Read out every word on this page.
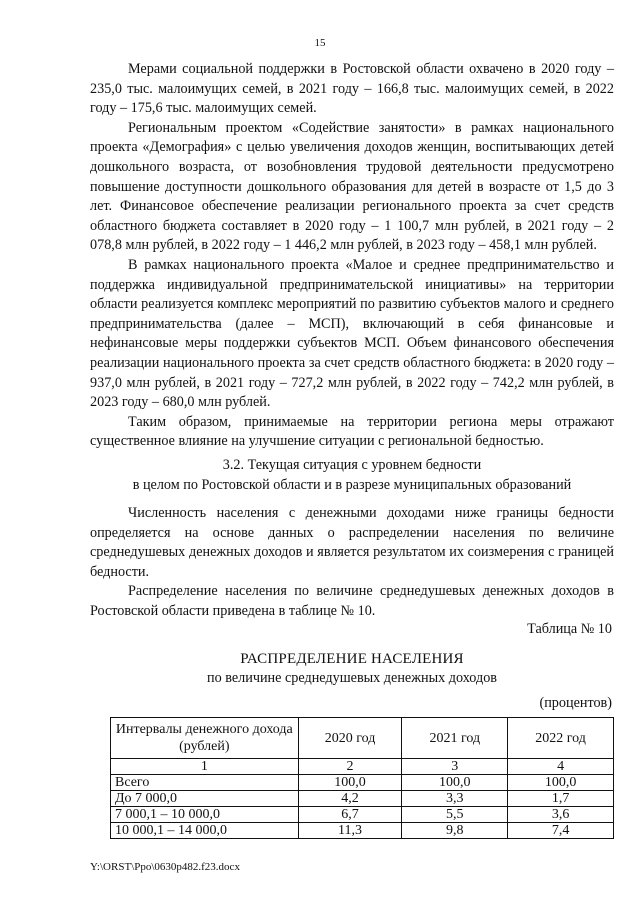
15

Мерами социальной поддержки в Ростовской области охвачено в 2020 году – 235,0 тыс. малоимущих семей, в 2021 году – 166,8 тыс. малоимущих семей, в 2022 году – 175,6 тыс. малоимущих семей.

Региональным проектом «Содействие занятости» в рамках национального проекта «Демография» с целью увеличения доходов женщин, воспитывающих детей дошкольного возраста, от возобновления трудовой деятельности предусмотрено повышение доступности дошкольного образования для детей в возрасте от 1,5 до 3 лет. Финансовое обеспечение реализации регионального проекта за счет средств областного бюджета составляет в 2020 году – 1 100,7 млн рублей, в 2021 году – 2 078,8 млн рублей, в 2022 году – 1 446,2 млн рублей, в 2023 году – 458,1 млн рублей.

В рамках национального проекта «Малое и среднее предпринимательство и поддержка индивидуальной предпринимательской инициативы» на территории области реализуется комплекс мероприятий по развитию субъектов малого и среднего предпринимательства (далее – МСП), включающий в себя финансовые и нефинансовые меры поддержки субъектов МСП. Объем финансового обеспечения реализации национального проекта за счет средств областного бюджета: в 2020 году – 937,0 млн рублей, в 2021 году – 727,2 млн рублей, в 2022 году – 742,2 млн рублей, в 2023 году – 680,0 млн рублей.

Таким образом, принимаемые на территории региона меры отражают существенное влияние на улучшение ситуации с региональной бедностью.

3.2. Текущая ситуация с уровнем бедности
в целом по Ростовской области и в разрезе муниципальных образований

Численность населения с денежными доходами ниже границы бедности определяется на основе данных о распределении населения по величине среднедушевых денежных доходов и является результатом их соизмерения с границей бедности.

Распределение населения по величине среднедушевых денежных доходов в Ростовской области приведена в таблице № 10.

Таблица № 10
РАСПРЕДЕЛЕНИЕ НАСЕЛЕНИЯ
по величине среднедушевых денежных доходов
(процентов)
Интервалы денежного дохода (рублей)	2020 год	2021 год	2022 год
1	2	3	4
Всего	100,0	100,0	100,0
До 7 000,0	4,2	3,3	1,7
7 000,1 – 10 000,0	6,7	5,5	3,6
10 000,1 – 14 000,0	11,3	9,8	7,4
Y:\ORST\Ppo\0630p482.f23.docx
